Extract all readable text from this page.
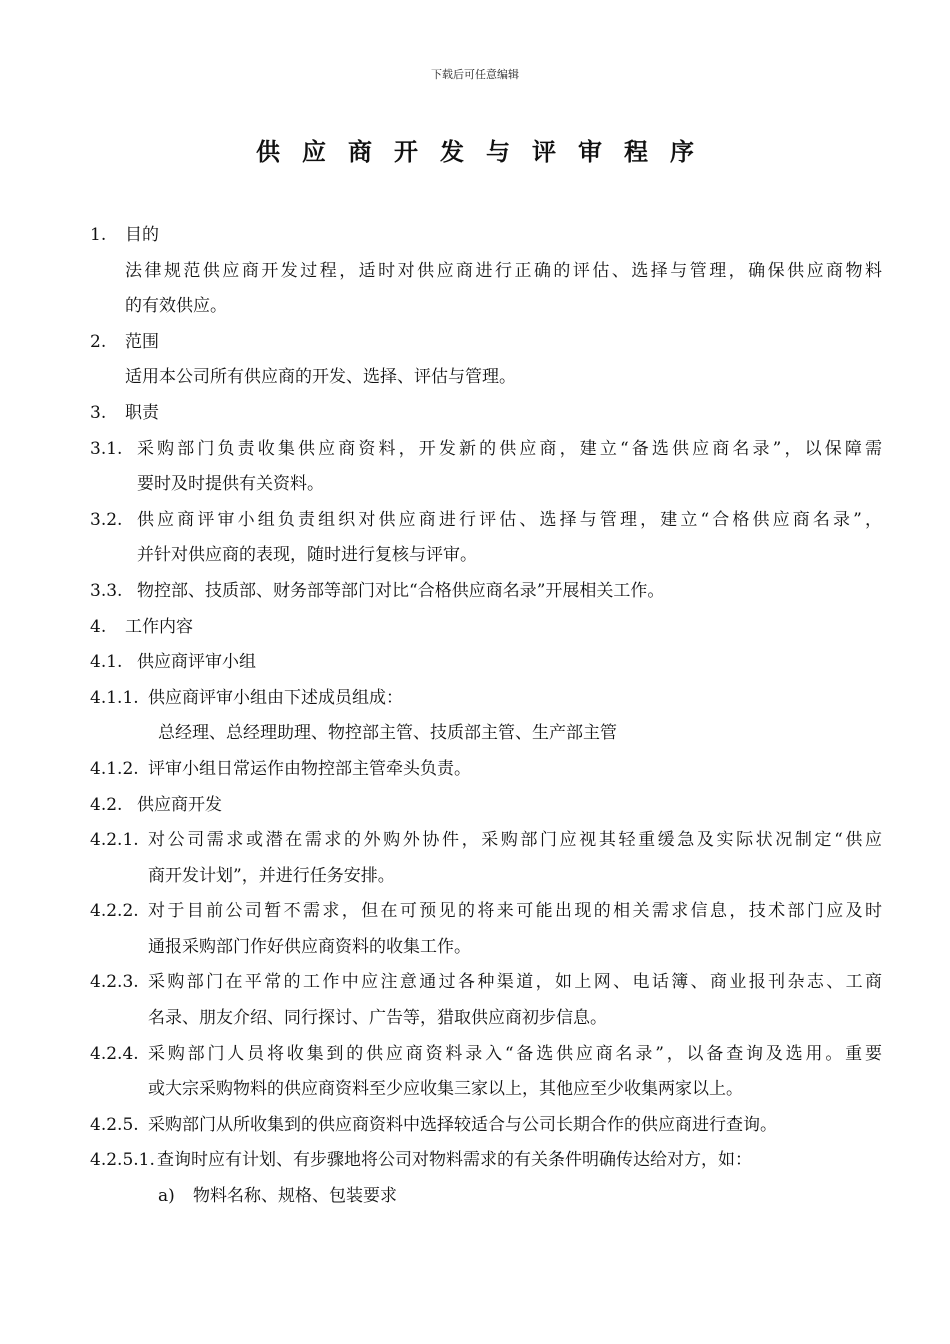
下载后可任意编辑
供应商开发与评审程序
1. 目的
法律规范供应商开发过程，适时对供应商进行正确的评估、选择与管理，确保供应商物料
的有效供应。
2. 范围
适用本公司所有供应商的开发、选择、评估与管理。
3. 职责
3.1. 采购部门负责收集供应商资料，开发新的供应商，建立“备选供应商名录”，以保障需
要时及时提供有关资料。
3.2. 供应商评审小组负责组织对供应商进行评估、选择与管理，建立“合格供应商名录”，
并针对供应商的表现，随时进行复核与评审。
3.3. 物控部、技质部、财务部等部门对比“合格供应商名录”开展相关工作。
4. 工作内容
4.1. 供应商评审小组
4.1.1. 供应商评审小组由下述成员组成：
总经理、总经理助理、物控部主管、技质部主管、生产部主管
4.1.2. 评审小组日常运作由物控部主管牵头负责。
4.2. 供应商开发
4.2.1. 对公司需求或潜在需求的外购外协件，采购部门应视其轻重缓急及实际状况制定“供应
商开发计划”，并进行任务安排。
4.2.2. 对于目前公司暂不需求，但在可预见的将来可能出现的相关需求信息，技术部门应及时
通报采购部门作好供应商资料的收集工作。
4.2.3. 采购部门在平常的工作中应注意通过各种渠道，如上网、电话簿、商业报刊杂志、工商
名录、朋友介绍、同行探讨、广告等，猎取供应商初步信息。
4.2.4. 采购部门人员将收集到的供应商资料录入“备选供应商名录”，以备查询及选用。重要
或大宗采购物料的供应商资料至少应收集三家以上，其他应至少收集两家以上。
4.2.5. 采购部门从所收集到的供应商资料中选择较适合与公司长期合作的供应商进行查询。
4.2.5.1. 查询时应有计划、有步骤地将公司对物料需求的有关条件明确传达给对方，如：
a) 物料名称、规格、包装要求
